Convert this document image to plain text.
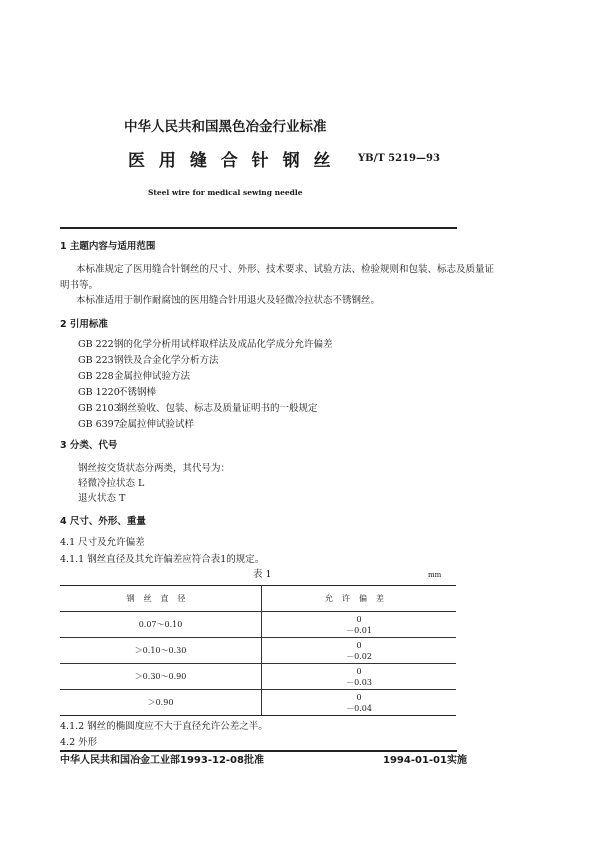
中华人民共和国黑色冶金行业标准
医 用 缝 合 针 钢 丝 YB/T 5219—93
Steel wire for medical sewing needle
1 主题内容与适用范围
本标准规定了医用缝合针钢丝的尺寸、外形、技术要求、试验方法、检验规则和包装、标志及质量证
明书等。
本标准适用于制作耐腐蚀的医用缝合针用退火及轻微冷拉状态不锈钢丝。
2 引用标准
GB 222 钢的化学分析用试样取样法及成品化学成分允许偏差
GB 223 钢铁及合金化学分析方法
GB 228 金属拉伸试验方法
GB 1220
不锈钢棒
GB 2103
钢丝验收、包装、标志及质量证明书的一般规定
GB 6397
金属拉伸试验试样
3 分类、代号
钢丝按交货状态分两类，其代号为：
轻微冷拉状态 L
退火状态 T
4 尺寸、外形、重量
4.1 尺寸及允许偏差
4.1.1 钢丝直径及其允许偏差应符合表1的规定。
表 1	mm
钢丝直径	允许偏差
0.07～0.10	0
－0.01

＞0.10～0.30	0
－0.02

＞0.30～0.90	0
－0.03

＞0.90	0
－0.04
4.1.2 钢丝的椭圆度应不大于直径允许公差之半。
4.2 外形
中华人民共和国冶金工业部1993-12-08批准	1994-01-01实施
